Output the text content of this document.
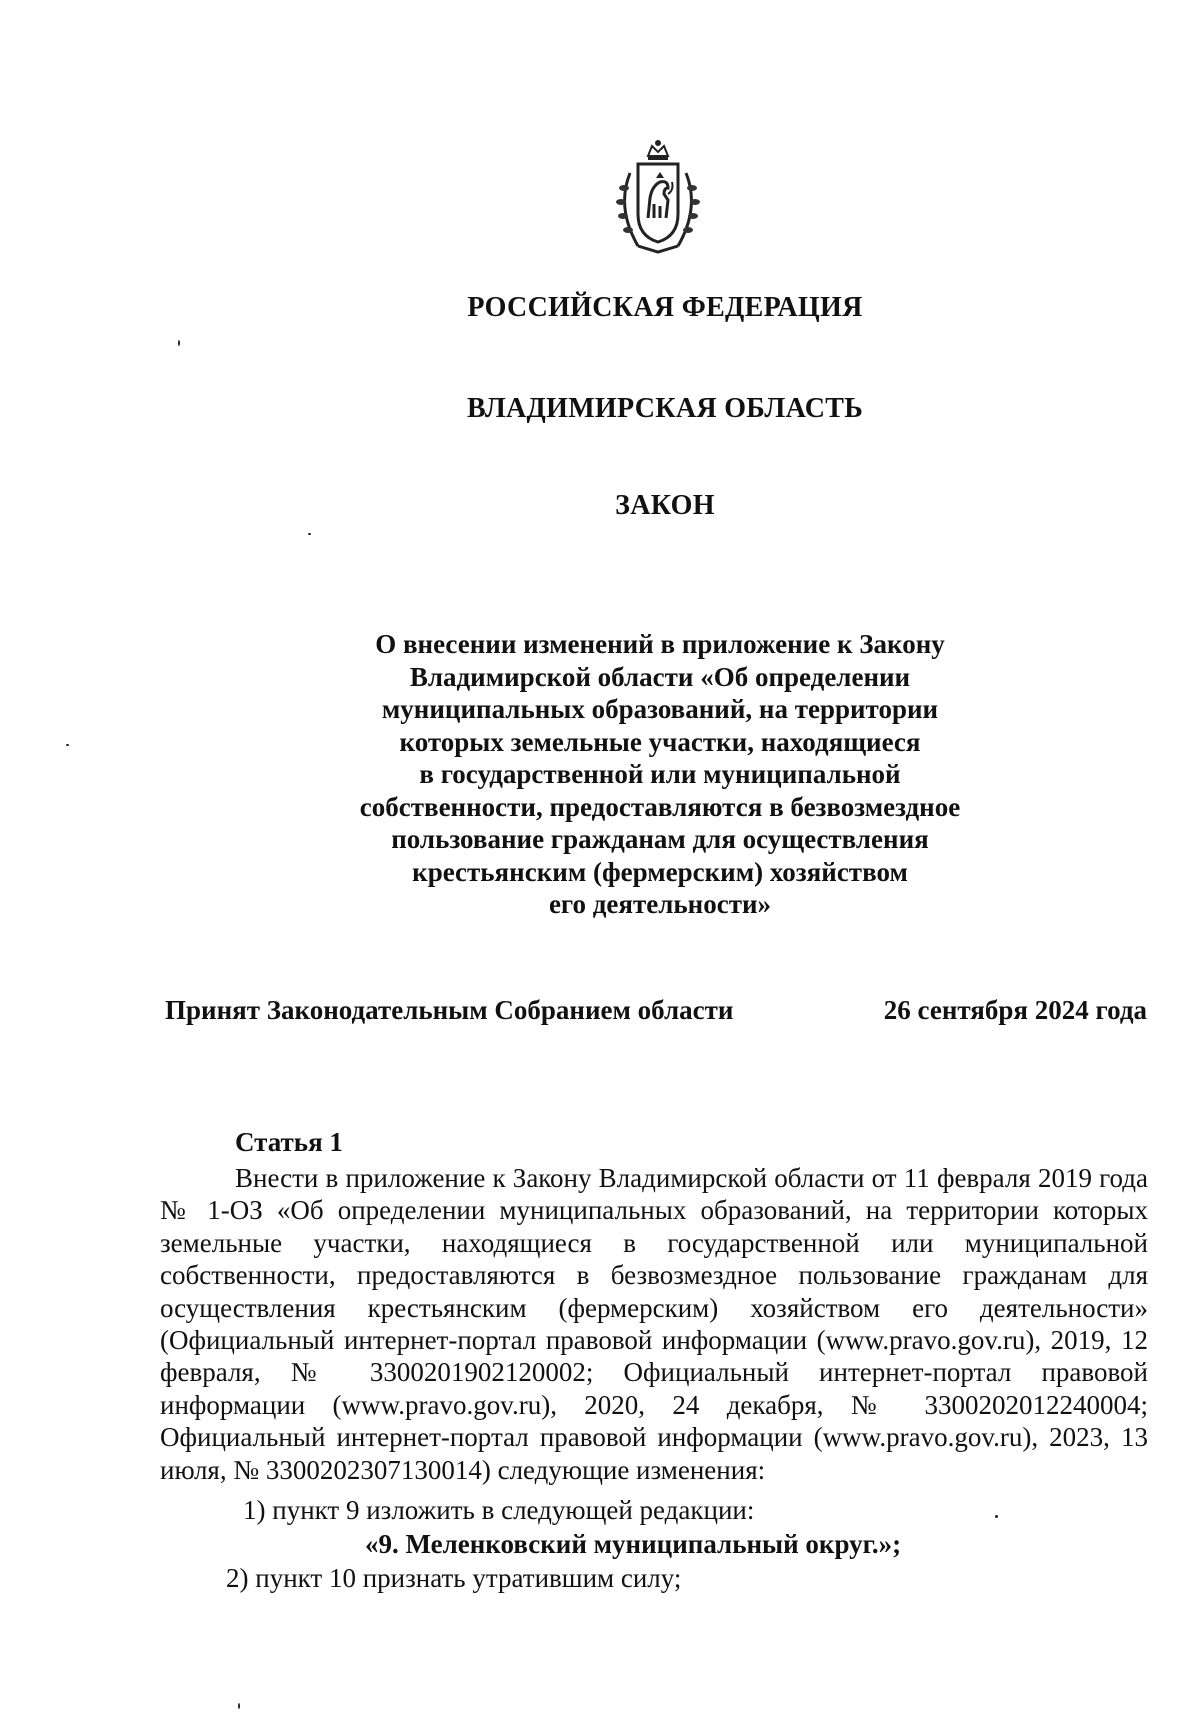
РОССИЙСКАЯ ФЕДЕРАЦИЯ
ВЛАДИМИРСКАЯ ОБЛАСТЬ
ЗАКОН
О внесении изменений в приложение к Закону
Владимирской области «Об определении
муниципальных образований, на территории
которых земельные участки, находящиеся
в государственной или муниципальной
собственности, предоставляются в безвозмездное
пользование гражданам для осуществления
крестьянским (фермерским) хозяйством
его деятельности»
Принят Законодательным Собранием области	26 сентября 2024 года
Статья 1

Внести в приложение к Закону Владимирской области от 11 февраля 2019 года № 1-ОЗ «Об определении муниципальных образований, на территории которых земельные участки, находящиеся в государственной или муниципальной собственности, предоставляются в безвозмездное пользование гражданам для осуществления крестьянским (фермерским) хозяйством его деятельности» (Официальный интернет-портал правовой информации (www.pravo.gov.ru), 2019, 12 февраля, № 3300201902120002; Официальный интернет-портал правовой информации (www.pravo.gov.ru), 2020, 24 декабря, № 3300202012240004; Официальный интернет-портал правовой информации (www.pravo.gov.ru), 2023, 13 июля, № 3300202307130014) следующие изменения:

1) пункт 9 изложить в следующей редакции:
«9. Меленковский муниципальный округ.»;
2) пункт 10 признать утратившим силу;
